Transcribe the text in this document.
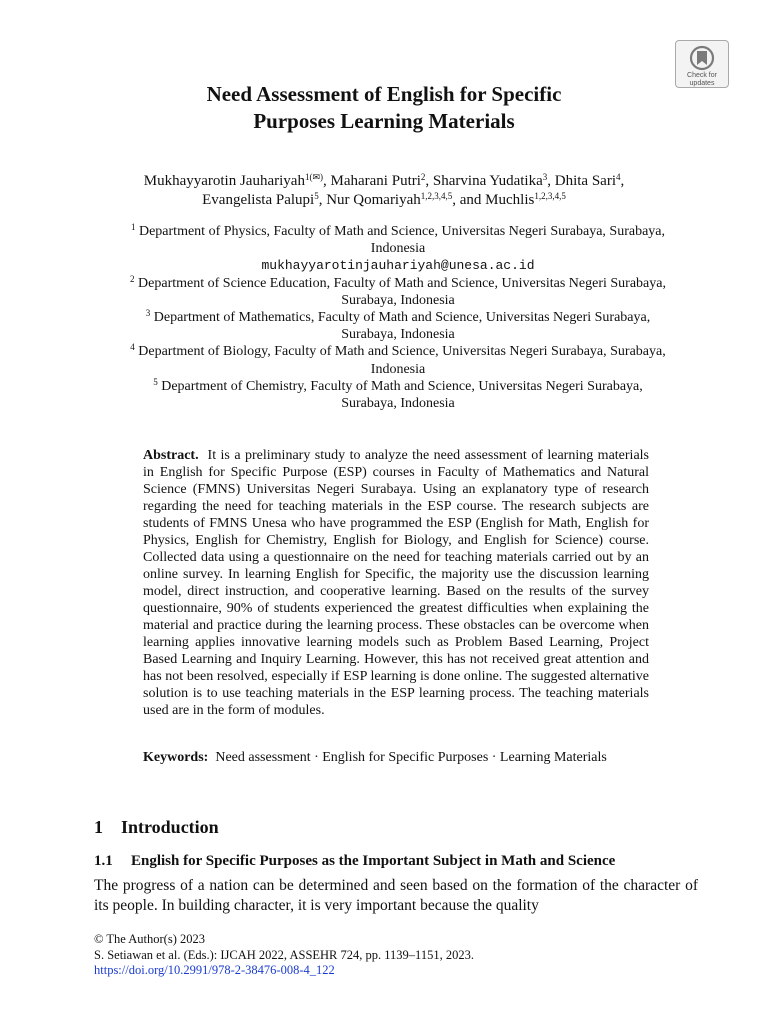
Check for
updates
Need Assessment of English for Specific
Purposes Learning Materials

Mukhayyarotin Jauhariyah$^{1(✉)}$, Maharani Putri$^2$, Sharvina Yudatika$^3$, Dhita Sari$^4$,
Evangelista Palupi$^5$, Nur Qomariyah$^{1,2,3,4,5}$, and Muchlis$^{1,2,3,4,5}$

$^1$ Department of Physics, Faculty of Math and Science, Universitas Negeri Surabaya, Surabaya,
Indonesia
mukhayyarotinjauhariyah@unesa.ac.id

$^2$ Department of Science Education, Faculty of Math and Science, Universitas Negeri Surabaya,
Surabaya, Indonesia

$^3$ Department of Mathematics, Faculty of Math and Science, Universitas Negeri Surabaya,
Surabaya, Indonesia

$^4$ Department of Biology, Faculty of Math and Science, Universitas Negeri Surabaya, Surabaya,
Indonesia

$^5$ Department of Chemistry, Faculty of Math and Science, Universitas Negeri Surabaya,
Surabaya, Indonesia

Abstract. It is a preliminary study to analyze the need assessment of learning materials in English for Specific Purpose (ESP) courses in Faculty of Mathematics and Natural Science (FMNS) Universitas Negeri Surabaya. Using an explanatory type of research regarding the need for teaching materials in the ESP course. The research subjects are students of FMNS Unesa who have programmed the ESP (English for Math, English for Physics, English for Chemistry, English for Biology, and English for Science) course. Collected data using a questionnaire on the need for teaching materials carried out by an online survey. In learning English for Specific, the majority use the discussion learning model, direct instruction, and cooperative learning. Based on the results of the survey questionnaire, 90% of students experienced the greatest difficulties when explaining the material and practice during the learning process. These obstacles can be overcome when learning applies innovative learning models such as Problem Based Learning, Project Based Learning and Inquiry Learning. However, this has not received great attention and has not been resolved, especially if ESP learning is done online. The suggested alternative solution is to use teaching materials in the ESP learning process. The teaching materials used are in the form of modules.

Keywords: Need assessment · English for Specific Purposes · Learning Materials

1 Introduction
1.1 English for Specific Purposes as the Important Subject in Math and Science

The progress of a nation can be determined and seen based on the formation of the character of its people. In building character, it is very important because the quality

© The Author(s) 2023

S. Setiawan et al. (Eds.): IJCAH 2022, ASSEHR 724, pp. 1139–1151, 2023.

https://doi.org/10.2991/978-2-38476-008-4_122
